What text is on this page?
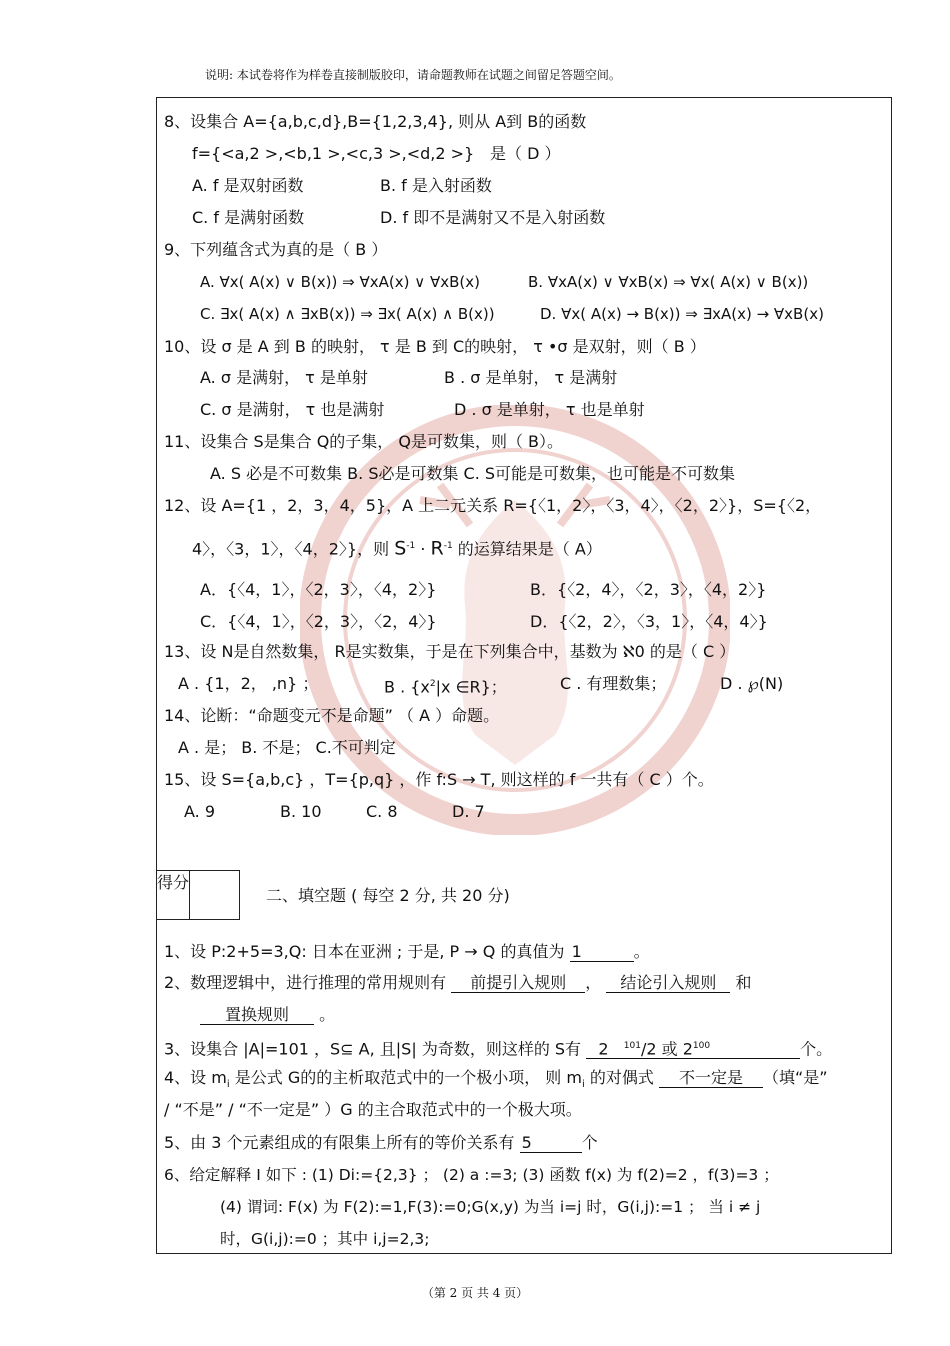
说明: 本试卷将作为样卷直接制版胶印，请命题教师在试题之间留足答题空间。
8、设集合 A={a,b,c,d},B={1,2,3,4}, 则从 A到 B的函数
f={<a,2 >,<b,1 >,<c,3 >,<d,2 >} 是（ D ）
A. f 是双射函数	B. f 是入射函数
C. f 是满射函数	D. f 即不是满射又不是入射函数
9、下列蕴含式为真的是（ B ）
A. ∀x( A(x) ∨ B(x)) ⇒ ∀xA(x) ∨ ∀xB(x)	B. ∀xA(x) ∨ ∀xB(x) ⇒ ∀x( A(x) ∨ B(x))
C. ∃x( A(x) ∧ ∃xB(x)) ⇒ ∃x( A(x) ∧ B(x))	D. ∀x( A(x) → B(x)) ⇒ ∃xA(x) → ∀xB(x)
10、设 σ 是 A 到 B 的映射， τ 是 B 到 C的映射， τ •σ 是双射，则（ B ）
A. σ 是满射， τ 是单射	B . σ 是单射， τ 是满射
C. σ 是满射， τ 也是满射	D . σ 是单射， τ 也是单射
11、设集合 S是集合 Q的子集， Q是可数集，则（ B）。
A. S 必是不可数集 B. S必是可数集 C. S可能是可数集，也可能是不可数集
12、设 A={1 ，2，3，4，5}，A 上二元关系 R={〈1，2〉，〈3，4〉，〈2，2〉}，S={〈2，
4〉，〈3，1〉，〈4，2〉}，则 $S^{-1} \cdot R^{-1}$ 的运算结果是（ A）
A．{〈4，1〉，〈2，3〉，〈4，2〉}	B．{〈2，4〉，〈2，3〉，〈4，2〉}
C．{〈4，1〉，〈2，3〉，〈2，4〉}	D．{〈2，2〉，〈3，1〉，〈4，4〉}
13、设 N是自然数集， R是实数集，于是在下列集合中，基数为 ℵ0 的是（ C ）
A . {1，2， ,n} ；	B . {$x^2|x$ ∈R}；	C . 有理数集；	D . ℘(N)
14、论断：“命题变元不是命题” （ A ）命题。
A . 是； B. 不是； C.不可判定
15、设 S={a,b,c} ，T={p,q} ，作 f:S → T, 则这样的 f 一共有（ C ）个。
A. 9	B. 10	C. 8	D. 7
得分
二、填空题 ( 每空 2 分, 共 20 分)
1、设 P:2+5=3,Q: 日本在亚洲 ; 于是, P → Q 的真值为 1	。
2、数理逻辑中，进行推理的常用规则有 前提引入规则 ， 结论引入规则 和
置换规则 。
3、设集合 |A|=101 ，S⊆ A, 且|S| 为奇数，则这样的 S有 2 $^{101}$/2 或 $2^{100}$	个。
4、设 $m_i$ 是公式 G的的主析取范式中的一个极小项， 则 $m_i$ 的对偶式 不一定是 （填“是”
/ “不是” / “不一定是” ）G 的主合取范式中的一个极大项。
5、由 3 个元素组成的有限集上所有的等价关系有 5	个
6、给定解释 I 如下 : (1) Di:={2,3} ； (2) a :=3; (3) 函数 f(x) 为 f(2)=2 ，f(3)=3 ；
(4) 谓词: F(x) 为 F(2):=1,F(3):=0;G(x,y) 为当 i=j 时，G(i,j):=1 ； 当 i ≠ j
时，G(i,j):=0 ；其中 i,j=2,3;
（第 2 页 共 4 页）
